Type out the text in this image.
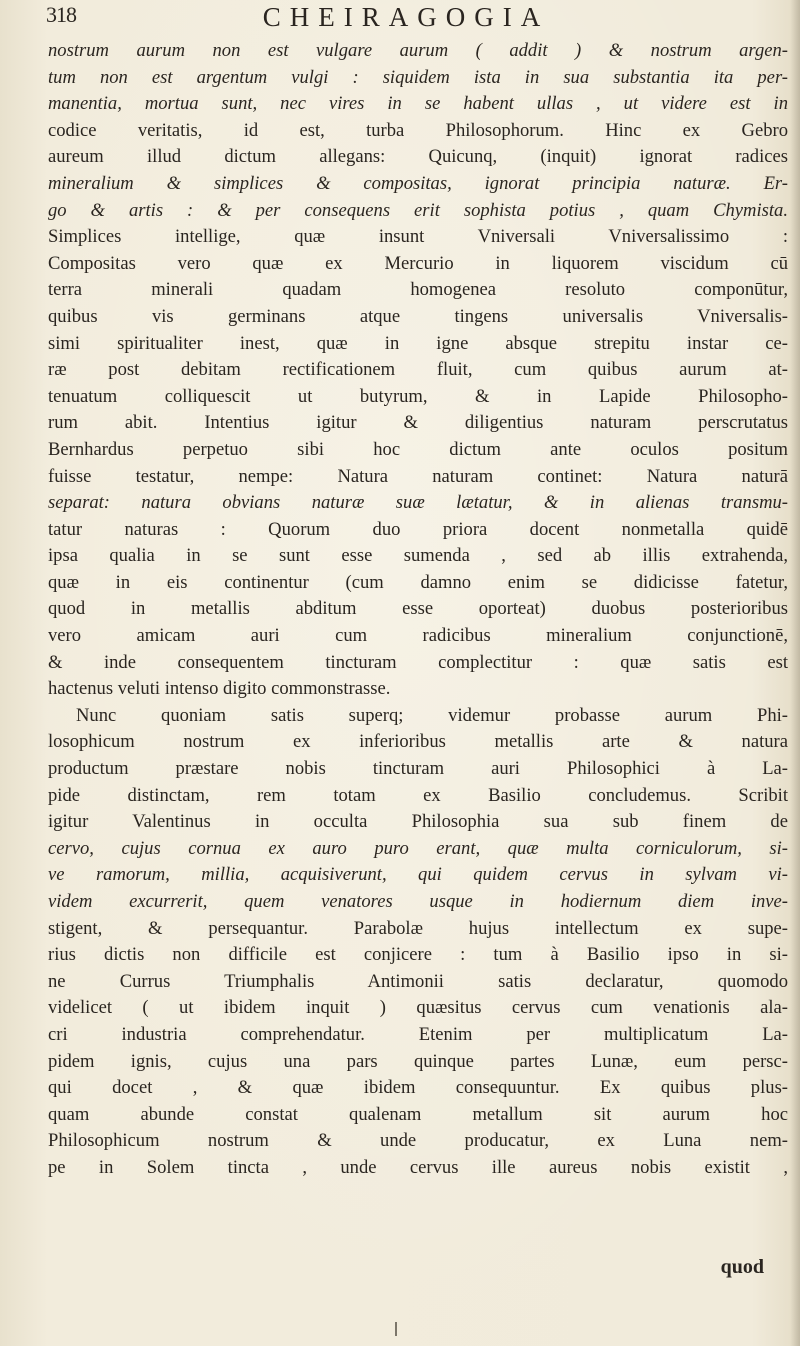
318	CHEIRAGOGIA
nostrum aurum non est vulgare aurum ( addit ) & nostrum argen-
tum non est argentum vulgi : siquidem ista in sua substantia ita per-
manentia, mortua sunt, nec vires in se habent ullas , ut videre est in
codice veritatis, id est, turba Philosophorum. Hinc ex Gebro
aureum illud dictum allegans: Quicunq, (inquit) ignorat radices
mineralium & simplices & compositas, ignorat principia naturæ. Er-
go & artis : & per consequens erit sophista potius , quam Chymista.
Simplices intellige, quæ insunt Vniversali Vniversalissimo :
Compositas vero quæ ex Mercurio in liquorem viscidum cū
terra minerali quadam homogenea resoluto componūtur,
quibus vis germinans atque tingens universalis Vniversalis-
simi spiritualiter inest, quæ in igne absque strepitu instar ce-
ræ post debitam rectificationem fluit, cum quibus aurum at-
tenuatum colliquescit ut butyrum, & in Lapide Philosopho-
rum abit. Intentius igitur & diligentius naturam perscrutatus
Bernhardus perpetuo sibi hoc dictum ante oculos positum
fuisse testatur, nempe: Natura naturam continet: Natura naturā
separat: natura obvians naturæ suæ lætatur, & in alienas transmu-
tatur naturas : Quorum duo priora docent nonmetalla quidē
ipsa qualia in se sunt esse sumenda , sed ab illis extrahenda,
quæ in eis continentur (cum damno enim se didicisse fatetur,
quod in metallis abditum esse oporteat) duobus posterioribus
vero amicam auri cum radicibus mineralium conjunctionē,
& inde consequentem tincturam complectitur : quæ satis est
hactenus veluti intenso digito commonstrasse.
Nunc quoniam satis superq; videmur probasse aurum Phi-
losophicum nostrum ex inferioribus metallis arte & natura
productum præstare nobis tincturam auri Philosophici à La-
pide distinctam, rem totam ex Basilio concludemus. Scribit
igitur Valentinus in occulta Philosophia sua sub finem de
cervo, cujus cornua ex auro puro erant, quæ multa corniculorum, si-
ve ramorum, millia, acquisiverunt, qui quidem cervus in sylvam vi-
videm excurrerit, quem venatores usque in hodiernum diem inve-
stigent, & persequantur. Parabolæ hujus intellectum ex supe-
rius dictis non difficile est conjicere : tum à Basilio ipso in si-
ne Currus Triumphalis Antimonii satis declaratur, quomodo
videlicet ( ut ibidem inquit ) quæsitus cervus cum venationis ala-
cri industria comprehendatur. Etenim per multiplicatum La-
pidem ignis, cujus una pars quinque partes Lunæ, eum persc-
qui docet , & quæ ibidem consequuntur. Ex quibus plus-
quam abunde constat qualenam metallum sit aurum hoc
Philosophicum nostrum & unde producatur, ex Luna nem-
pe in Solem tincta , unde cervus ille aureus nobis existit ,
quod
